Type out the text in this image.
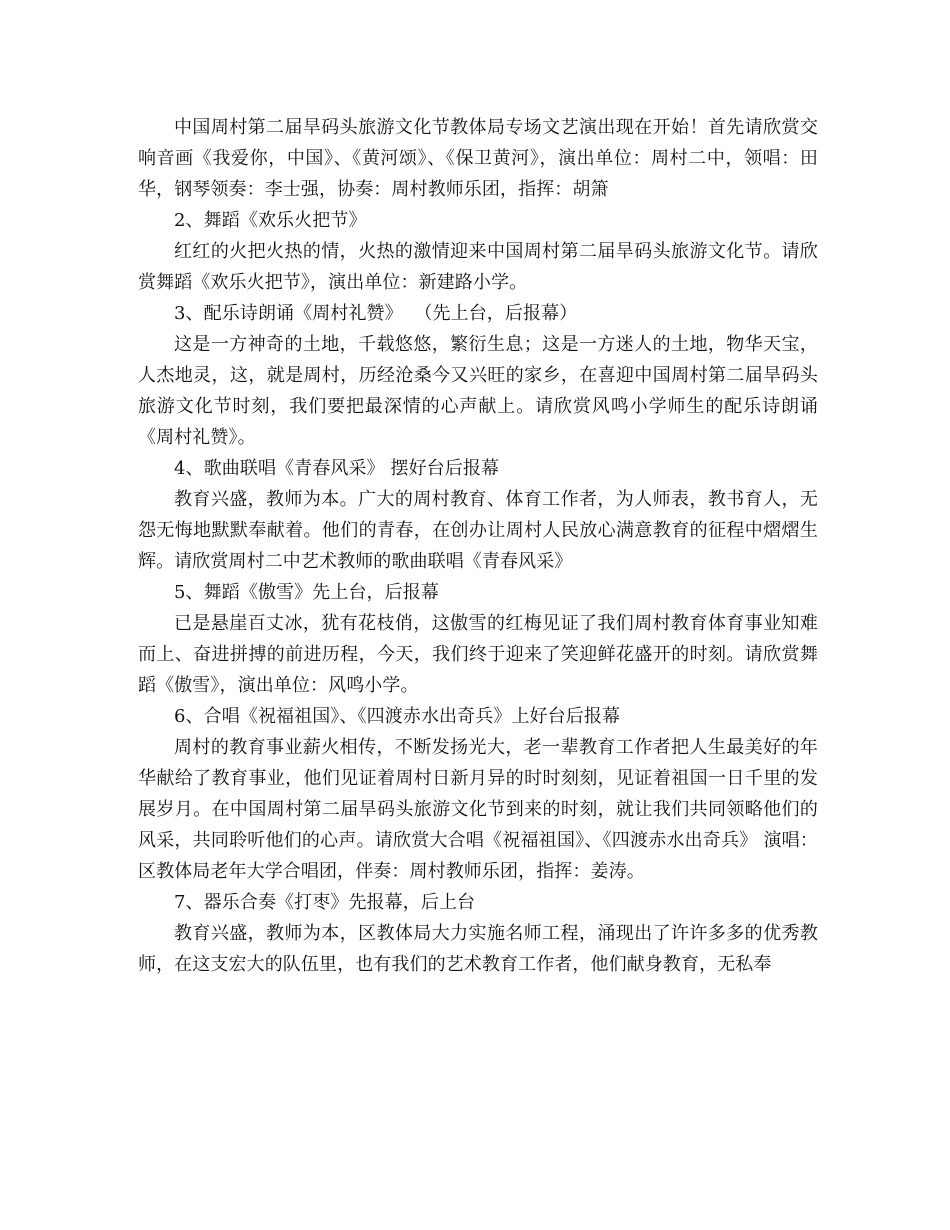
中国周村第二届旱码头旅游文化节教体局专场文艺演出现在开始！首先请欣赏交响音画《我爱你，中国》、《黄河颂》、《保卫黄河》，演出单位：周村二中，领唱：田华，钢琴领奏：李士强，协奏：周村教师乐团，指挥：胡箫

2、舞蹈《欢乐火把节》

红红的火把火热的情，火热的激情迎来中国周村第二届旱码头旅游文化节。请欣赏舞蹈《欢乐火把节》，演出单位：新建路小学。

3、配乐诗朗诵《周村礼赞》  （先上台，后报幕）

这是一方神奇的土地，千载悠悠，繁衍生息；这是一方迷人的土地，物华天宝，人杰地灵，这，就是周村，历经沧桑今又兴旺的家乡，在喜迎中国周村第二届旱码头旅游文化节时刻，我们要把最深情的心声献上。请欣赏风鸣小学师生的配乐诗朗诵《周村礼赞》。

4、歌曲联唱《青春风采》 摆好台后报幕

教育兴盛，教师为本。广大的周村教育、体育工作者，为人师表，教书育人，无怨无悔地默默奉献着。他们的青春，在创办让周村人民放心满意教育的征程中熠熠生辉。请欣赏周村二中艺术教师的歌曲联唱《青春风采》

5、舞蹈《傲雪》先上台，后报幕

已是悬崖百丈冰，犹有花枝俏，这傲雪的红梅见证了我们周村教育体育事业知难而上、奋进拼搏的前进历程，今天，我们终于迎来了笑迎鲜花盛开的时刻。请欣赏舞蹈《傲雪》，演出单位：风鸣小学。

6、合唱《祝福祖国》、《四渡赤水出奇兵》上好台后报幕

周村的教育事业薪火相传，不断发扬光大，老一辈教育工作者把人生最美好的年华献给了教育事业，他们见证着周村日新月异的时时刻刻，见证着祖国一日千里的发展岁月。在中国周村第二届旱码头旅游文化节到来的时刻，就让我们共同领略他们的风采，共同聆听他们的心声。请欣赏大合唱《祝福祖国》、《四渡赤水出奇兵》 演唱：区教体局老年大学合唱团，伴奏：周村教师乐团，指挥：姜涛。

7、器乐合奏《打枣》先报幕，后上台

教育兴盛，教师为本，区教体局大力实施名师工程，涌现出了许许多多的优秀教师，在这支宏大的队伍里，也有我们的艺术教育工作者，他们献身教育，无私奉
